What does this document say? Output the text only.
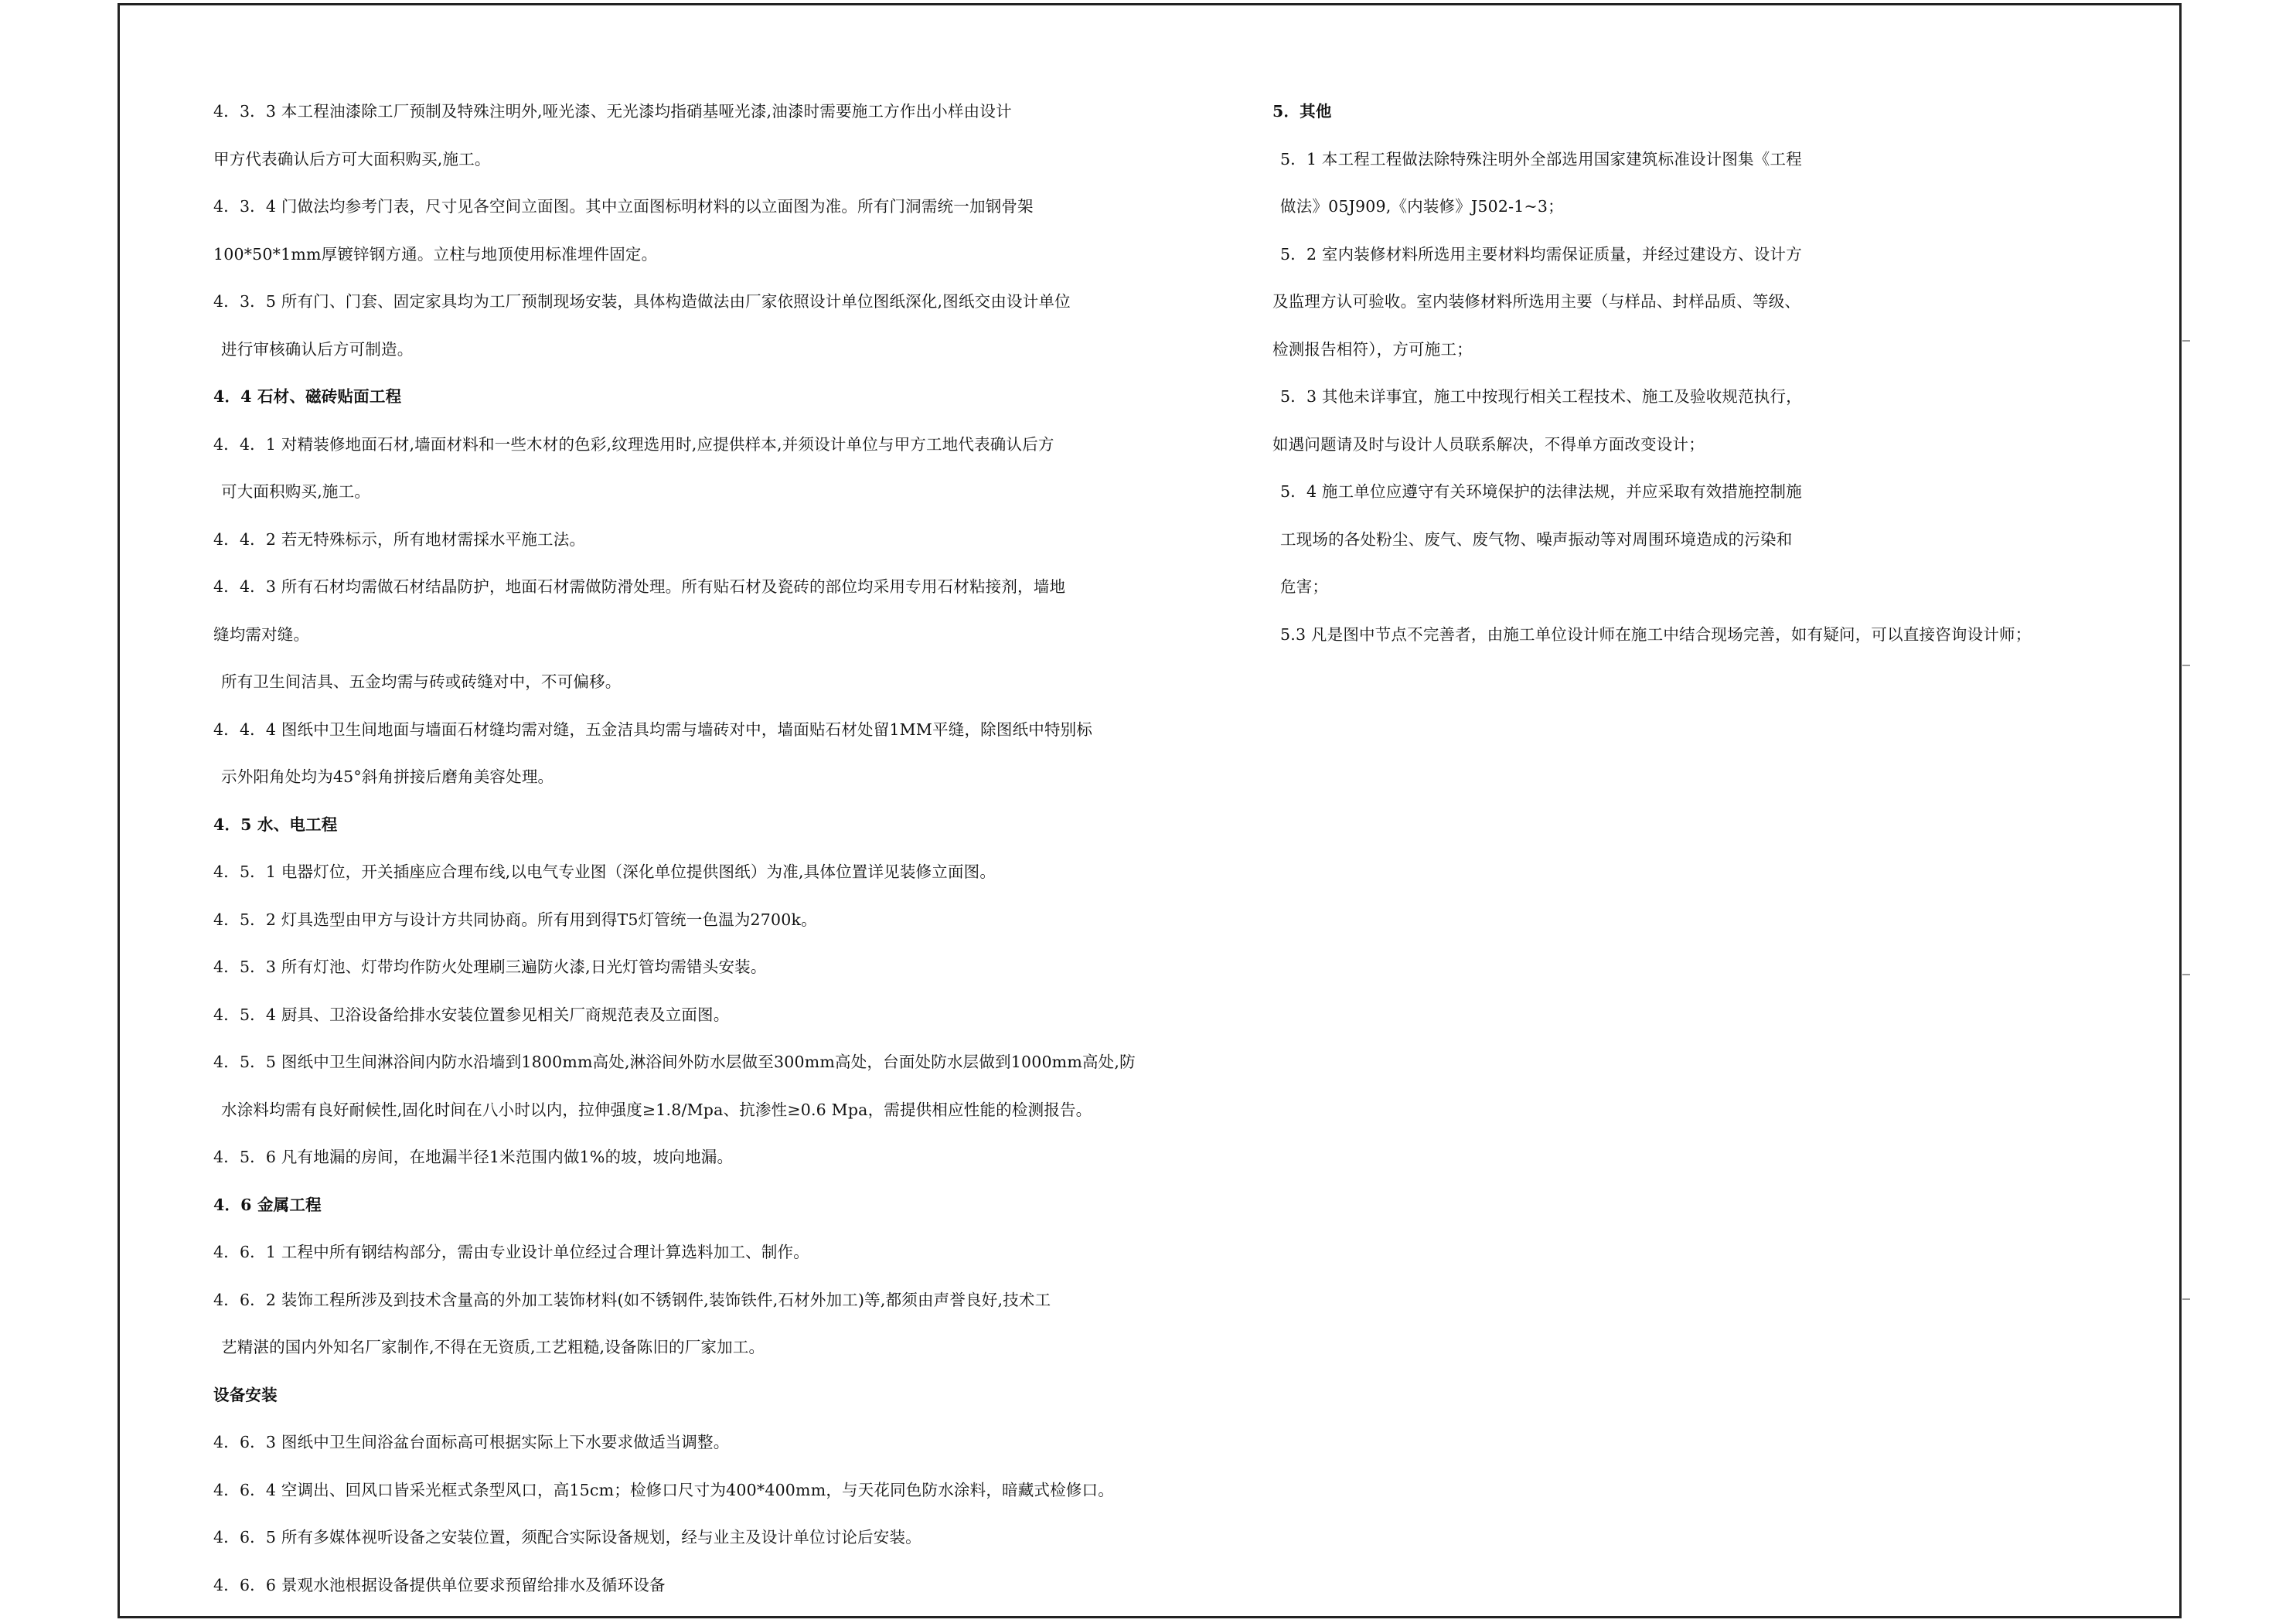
4．3．3 本工程油漆除工厂预制及特殊注明外,哑光漆、无光漆均指硝基哑光漆,油漆时需要施工方作出小样由设计
甲方代表确认后方可大面积购买,施工。
4．3．4 门做法均参考门表，尺寸见各空间立面图。其中立面图标明材料的以立面图为准。所有门洞需统一加钢骨架
100*50*1mm厚镀锌钢方通。立柱与地顶使用标准埋件固定。
4．3．5 所有门、门套、固定家具均为工厂预制现场安装，具体构造做法由厂家依照设计单位图纸深化,图纸交由设计单位
进行审核确认后方可制造。
4．4 石材、磁砖贴面工程
4．4．1 对精装修地面石材,墙面材料和一些木材的色彩,纹理选用时,应提供样本,并须设计单位与甲方工地代表确认后方
可大面积购买,施工。
4．4．2 若无特殊标示，所有地材需採水平施工法。
4．4．3 所有石材均需做石材结晶防护，地面石材需做防滑处理。所有贴石材及瓷砖的部位均采用专用石材粘接剂，墙地
缝均需对缝。
所有卫生间洁具、五金均需与砖或砖缝对中，不可偏移。
4．4．4 图纸中卫生间地面与墙面石材缝均需对缝，五金洁具均需与墙砖对中，墙面贴石材处留1MM平缝，除图纸中特别标
示外阳角处均为45°斜角拼接后磨角美容处理。
4．5 水、电工程
4．5．1 电器灯位，开关插座应合理布线,以电气专业图（深化单位提供图纸）为准,具体位置详见装修立面图。
4．5．2 灯具选型由甲方与设计方共同协商。所有用到得T5灯管统一色温为2700k。
4．5．3 所有灯池、灯带均作防火处理刷三遍防火漆,日光灯管均需错头安装。
4．5．4 厨具、卫浴设备给排水安装位置参见相关厂商规范表及立面图。
4．5．5 图纸中卫生间淋浴间内防水沿墙到1800mm高处,淋浴间外防水层做至300mm高处，台面处防水层做到1000mm高处,防
水涂料均需有良好耐候性,固化时间在八小时以内，拉伸强度≥1.8/Mpa、抗渗性≥0.6 Mpa，需提供相应性能的检测报告。
4．5．6 凡有地漏的房间，在地漏半径1米范围内做1%的坡，坡向地漏。
4．6 金属工程
4．6．1 工程中所有钢结构部分，需由专业设计单位经过合理计算选料加工、制作。
4．6．2 装饰工程所涉及到技术含量高的外加工装饰材料(如不锈钢件,装饰铁件,石材外加工)等,都须由声誉良好,技术工
艺精湛的国内外知名厂家制作,不得在无资质,工艺粗糙,设备陈旧的厂家加工。
设备安装
4．6．3 图纸中卫生间浴盆台面标高可根据实际上下水要求做适当调整。
4．6．4 空调出、回风口皆采光框式条型风口，高15cm；检修口尺寸为400*400mm，与天花同色防水涂料，暗藏式检修口。
4．6．5 所有多媒体视听设备之安装位置，须配合实际设备规划，经与业主及设计单位讨论后安装。
4．6．6 景观水池根据设备提供单位要求预留给排水及循环设备
5．其他
5．1 本工程工程做法除特殊注明外全部选用国家建筑标准设计图集《工程
做法》05J909,《内装修》J502-1~3；
5．2 室内装修材料所选用主要材料均需保证质量，并经过建设方、设计方
及监理方认可验收。室内装修材料所选用主要（与样品、封样品质、等级、
检测报告相符），方可施工；
5．3 其他未详事宜，施工中按现行相关工程技术、施工及验收规范执行，
如遇问题请及时与设计人员联系解决，不得单方面改变设计；
5．4 施工单位应遵守有关环境保护的法律法规，并应采取有效措施控制施
工现场的各处粉尘、废气、废气物、噪声振动等对周围环境造成的污染和
危害；
5.3 凡是图中节点不完善者，由施工单位设计师在施工中结合现场完善，如有疑问，可以直接咨询设计师；
